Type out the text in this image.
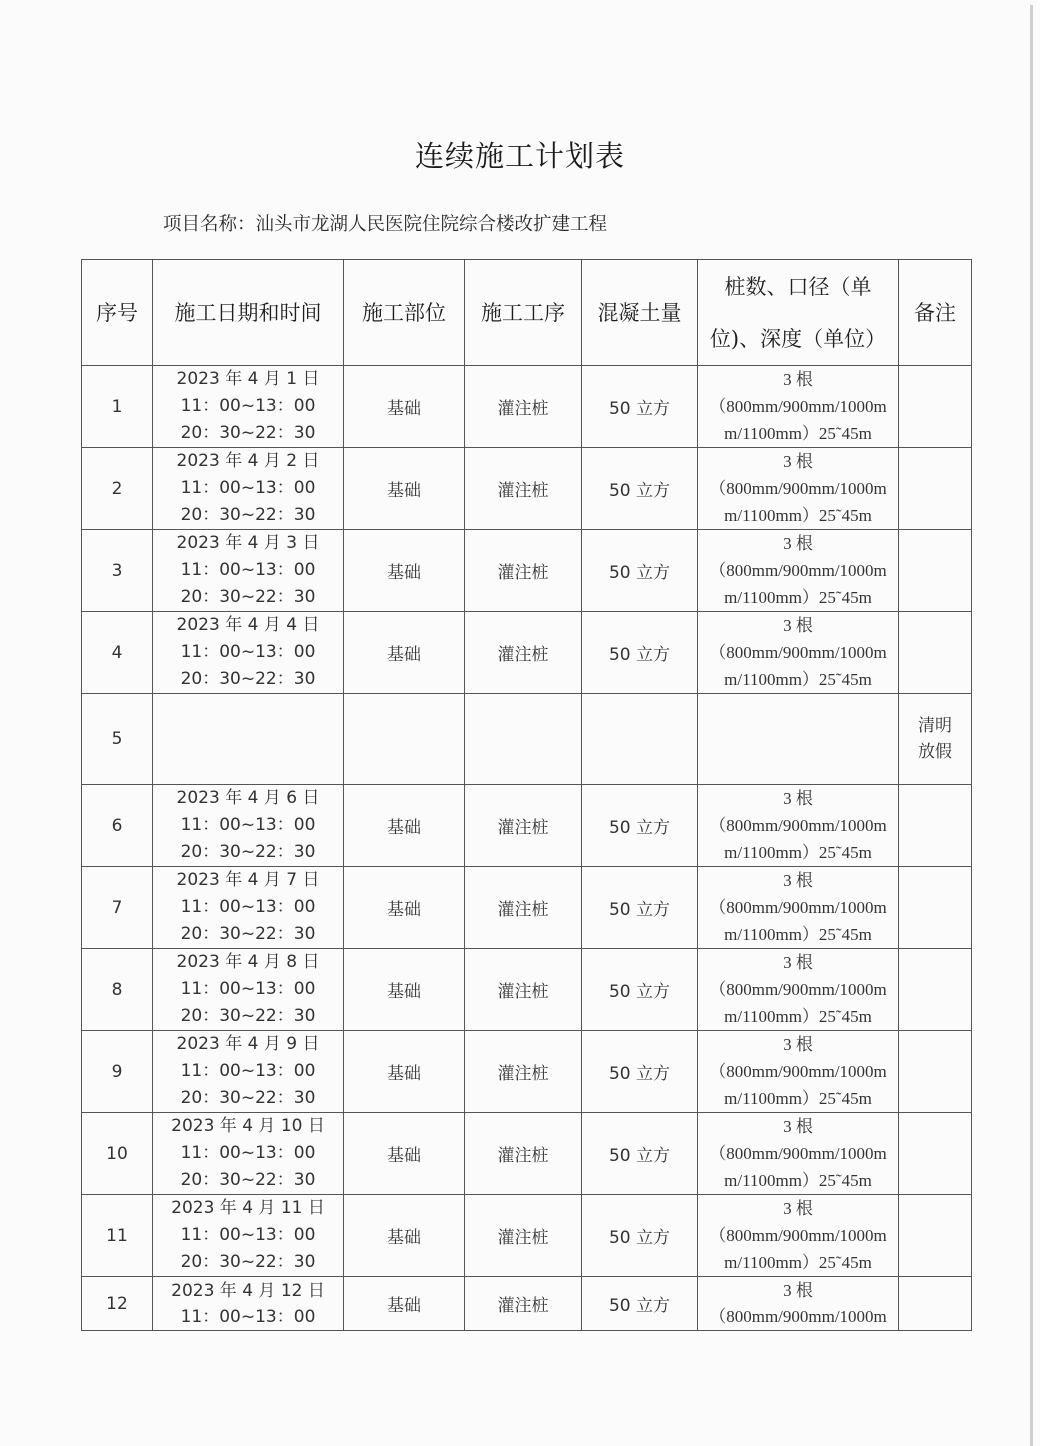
连续施工计划表
项目名称：汕头市龙湖人民医院住院综合楼改扩建工程
序号	施工日期和时间	施工部位	施工工序	混凝土量	桩数、口径（单
位)、深度（单位）	备注
1	2023 年 4 月 1 日
11：00~13：00
20：30~22：30	基础	灌注桩	50 立方	3 根
（800mm/900mm/1000m
m/1100mm）25˜45m	

2	2023 年 4 月 2 日
11：00~13：00
20：30~22：30	基础	灌注桩	50 立方	3 根
（800mm/900mm/1000m
m/1100mm）25˜45m	

3	2023 年 4 月 3 日
11：00~13：00
20：30~22：30	基础	灌注桩	50 立方	3 根
（800mm/900mm/1000m
m/1100mm）25˜45m	

4	2023 年 4 月 4 日
11：00~13：00
20：30~22：30	基础	灌注桩	50 立方	3 根
（800mm/900mm/1000m
m/1100mm）25˜45m	

5						清明
放假

6	2023 年 4 月 6 日
11：00~13：00
20：30~22：30	基础	灌注桩	50 立方	3 根
（800mm/900mm/1000m
m/1100mm）25˜45m	

7	2023 年 4 月 7 日
11：00~13：00
20：30~22：30	基础	灌注桩	50 立方	3 根
（800mm/900mm/1000m
m/1100mm）25˜45m	

8	2023 年 4 月 8 日
11：00~13：00
20：30~22：30	基础	灌注桩	50 立方	3 根
（800mm/900mm/1000m
m/1100mm）25˜45m	

9	2023 年 4 月 9 日
11：00~13：00
20：30~22：30	基础	灌注桩	50 立方	3 根
（800mm/900mm/1000m
m/1100mm）25˜45m	

10	2023 年 4 月 10 日
11：00~13：00
20：30~22：30	基础	灌注桩	50 立方	3 根
（800mm/900mm/1000m
m/1100mm）25˜45m	

11	2023 年 4 月 11 日
11：00~13：00
20：30~22：30	基础	灌注桩	50 立方	3 根
（800mm/900mm/1000m
m/1100mm）25˜45m	

12	2023 年 4 月 12 日
11：00~13：00	基础	灌注桩	50 立方	3 根
（800mm/900mm/1000m	
